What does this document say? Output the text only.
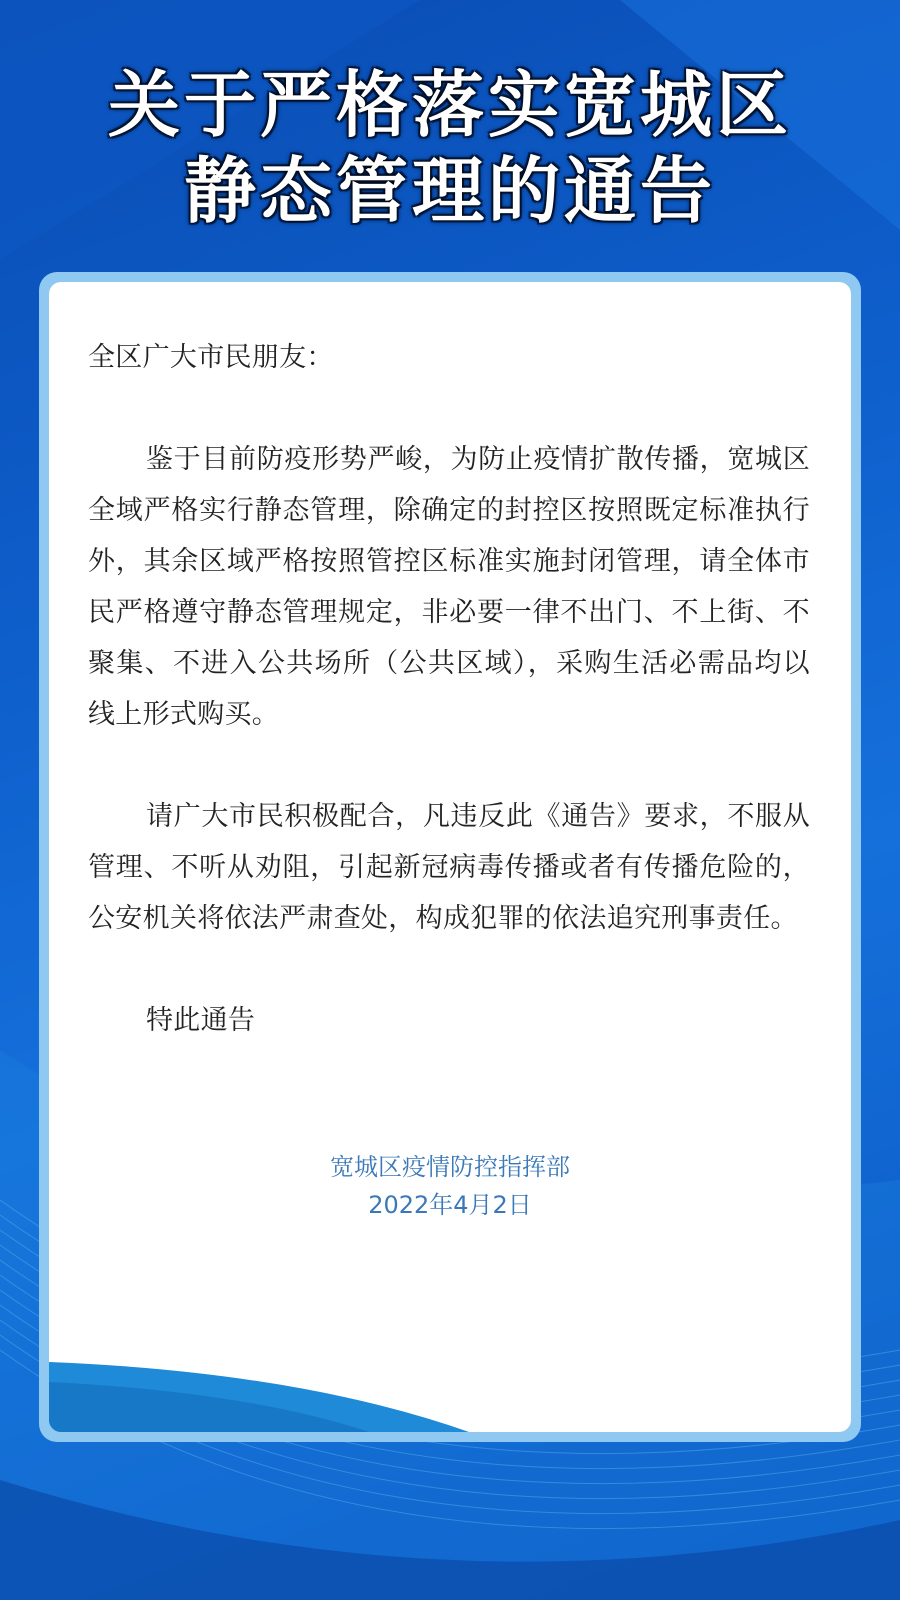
关于严格落实宽城区
静态管理的通告

全区广大市民朋友：

鉴于目前防疫形势严峻，为防止疫情扩散传播，宽城区全域严格实行静态管理，除确定的封控区按照既定标准执行外，其余区域严格按照管控区标准实施封闭管理，请全体市民严格遵守静态管理规定，非必要一律不出门、不上街、不聚集、不进入公共场所（公共区域），采购生活必需品均以线上形式购买。

请广大市民积极配合，凡违反此《通告》要求，不服从管理、不听从劝阻，引起新冠病毒传播或者有传播危险的，公安机关将依法严肃查处，构成犯罪的依法追究刑事责任。

特此通告

宽城区疫情防控指挥部
2022年4月2日
